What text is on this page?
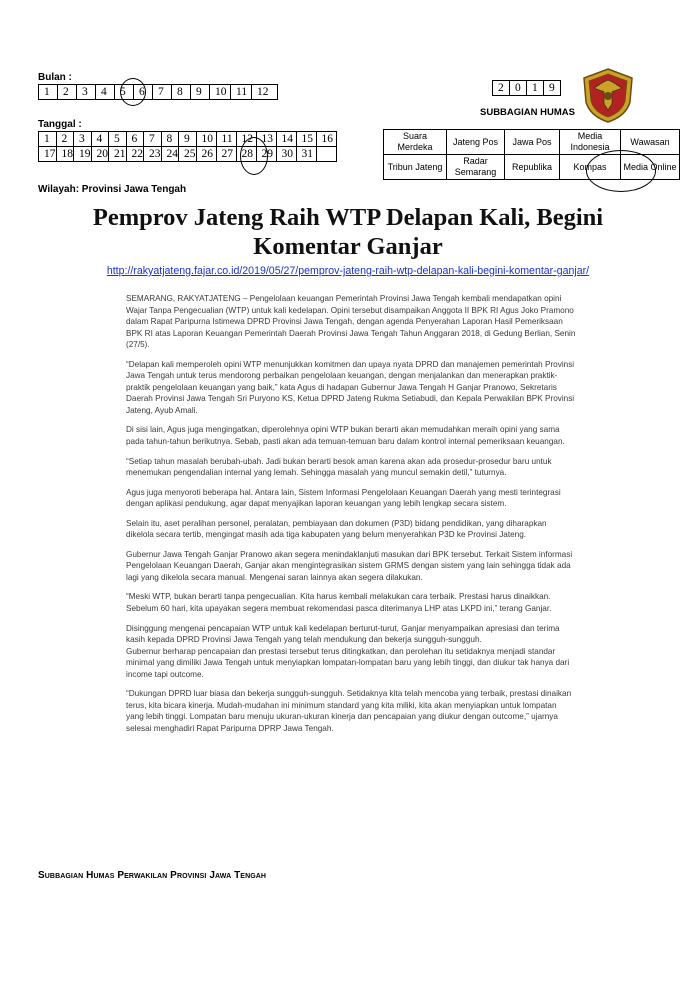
Bulan :
1	2	3	4	5	6	7	8	9	10	11	12
Tanggal :
1	2	3	4	5	6	7	8	9	10	11	12	13	14	15	16
17	18	19	20	21	22	23	24	25	26	27	28	29	30	31	
Wilayah: Provinsi Jawa Tengah
2	0	1	9
SUBBAGIAN HUMAS
Suara Merdeka	Jateng Pos	Jawa Pos	Media Indonesia	Wawasan
Tribun Jateng	Radar Semarang	Republika	Kompas	Media Online
Pemprov Jateng Raih WTP Delapan Kali, Begini Komentar Ganjar
http://rakyatjateng.fajar.co.id/2019/05/27/pemprov-jateng-raih-wtp-delapan-kali-begini-komentar-ganjar/

SEMARANG, RAKYATJATENG – Pengelolaan keuangan Pemerintah Provinsi Jawa Tengah kembali mendapatkan opini Wajar Tanpa Pengecualian (WTP) untuk kali kedelapan. Opini tersebut disampaikan Anggota II BPK RI Agus Joko Pramono dalam Rapat Paripurna Istimewa DPRD Provinsi Jawa Tengah, dengan agenda Penyerahan Laporan Hasil Pemeriksaan BPK RI atas Laporan Keuangan Pemerintah Daerah Provinsi Jawa Tengah Tahun Anggaran 2018, di Gedung Berlian, Senin (27/5).

“Delapan kali memperoleh opini WTP menunjukkan komitmen dan upaya nyata DPRD dan manajemen pemerintah Provinsi Jawa Tengah untuk terus mendorong perbaikan pengelolaan keuangan, dengan menjalankan dan menerapkan praktik-praktik pengelolaan keuangan yang baik,” kata Agus di hadapan Gubernur Jawa Tengah H Ganjar Pranowo, Sekretaris Daerah Provinsi Jawa Tengah Sri Puryono KS, Ketua DPRD Jateng Rukma Setiabudi, dan Kepala Perwakilan BPK Provinsi Jateng, Ayub Amali.

Di sisi lain, Agus juga mengingatkan, diperolehnya opini WTP bukan berarti akan memudahkan meraih opini yang sama pada tahun-tahun berikutnya. Sebab, pasti akan ada temuan-temuan baru dalam kontrol internal pemeriksaan keuangan.

“Setiap tahun masalah berubah-ubah. Jadi bukan berarti besok aman karena akan ada prosedur-prosedur baru untuk menemukan pengendalian internal yang lemah. Sehingga masalah yang muncul semakin detil,” tuturnya.

Agus juga menyoroti beberapa hal. Antara lain, Sistem Informasi Pengelolaan Keuangan Daerah yang mesti terintegrasi dengan aplikasi pendukung, agar dapat menyajikan laporan keuangan yang lebih lengkap secara sistem.

Selain itu, aset peralihan personel, peralatan, pembiayaan dan dokumen (P3D) bidang pendidikan, yang diharapkan dikelola secara tertib, mengingat masih ada tiga kabupaten yang belum menyerahkan P3D ke Provinsi Jateng.

Gubernur Jawa Tengah Ganjar Pranowo akan segera menindaklanjuti masukan dari BPK tersebut. Terkait Sistem informasi Pengelolaan Keuangan Daerah, Ganjar akan mengintegrasikan sistem GRMS dengan sistem yang lain sehingga tidak ada lagi yang dikelola secara manual. Mengenai saran lainnya akan segera dilakukan.

“Meski WTP, bukan berarti tanpa pengecualian. Kita harus kembali melakukan cara terbaik. Prestasi harus dinaikkan. Sebelum 60 hari, kita upayakan segera membuat rekomendasi pasca diterimanya LHP atas LKPD ini,” terang Ganjar.

Disinggung mengenai pencapaian WTP untuk kali kedelapan berturut-turut, Ganjar menyampaikan apresiasi dan terima kasih kepada DPRD Provinsi Jawa Tengah yang telah mendukung dan bekerja sungguh-sungguh.
Gubernur berharap pencapaian dan prestasi tersebut terus ditingkatkan, dan perolehan itu setidaknya menjadi standar minimal yang dimiliki Jawa Tengah untuk menyiapkan lompatan-lompatan baru yang lebih tinggi, dan diukur tak hanya dari income tapi outcome.

“Dukungan DPRD luar biasa dan bekerja sungguh-sungguh. Setidaknya kita telah mencoba yang terbaik, prestasi dinaikan terus, kita bicara kinerja. Mudah-mudahan ini minimum standard yang kita miliki, kita akan menyiapkan untuk lompatan yang lebih tinggi. Lompatan baru menuju ukuran-ukuran kinerja dan pencapaian yang diukur dengan outcome,” ujarnya selesai menghadiri Rapat Paripurna DPRP Jawa Tengah.

Subbagian Humas Perwakilan Provinsi Jawa Tengah
